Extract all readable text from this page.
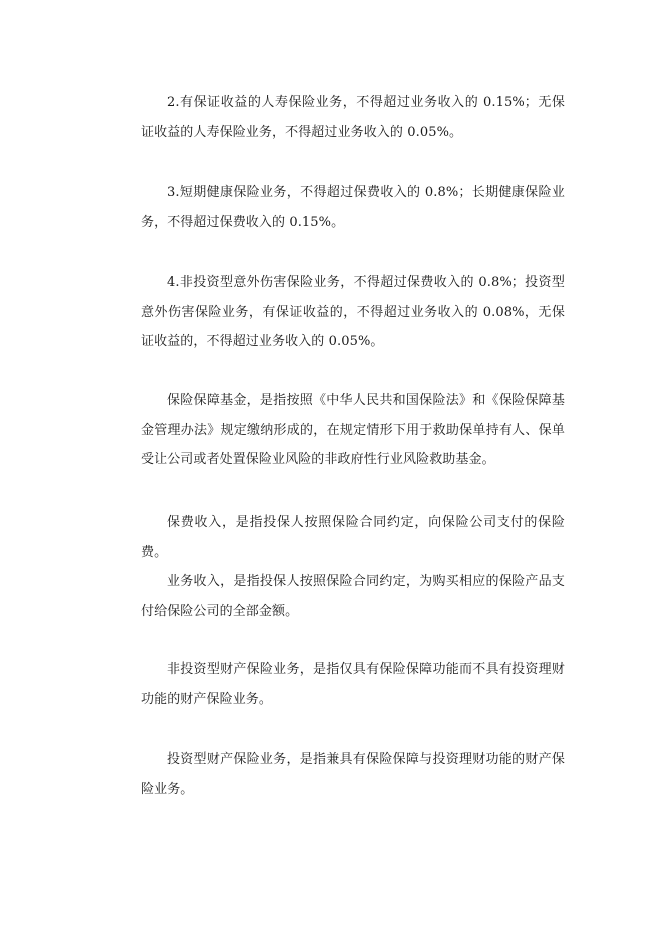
2.有保证收益的人寿保险业务，不得超过业务收入的 0.15%；无保证收益的人寿保险业务，不得超过业务收入的 0.05%。

3.短期健康保险业务，不得超过保费收入的 0.8%；长期健康保险业务，不得超过保费收入的 0.15%。

4.非投资型意外伤害保险业务，不得超过保费收入的 0.8%；投资型意外伤害保险业务，有保证收益的，不得超过业务收入的 0.08%，无保证收益的，不得超过业务收入的 0.05%。

保险保障基金，是指按照《中华人民共和国保险法》和《保险保障基金管理办法》规定缴纳形成的，在规定情形下用于救助保单持有人、保单受让公司或者处置保险业风险的非政府性行业风险救助基金。

保费收入，是指投保人按照保险合同约定，向保险公司支付的保险费。

业务收入，是指投保人按照保险合同约定，为购买相应的保险产品支付给保险公司的全部金额。

非投资型财产保险业务，是指仅具有保险保障功能而不具有投资理财功能的财产保险业务。

投资型财产保险业务，是指兼具有保险保障与投资理财功能的财产保险业务。
